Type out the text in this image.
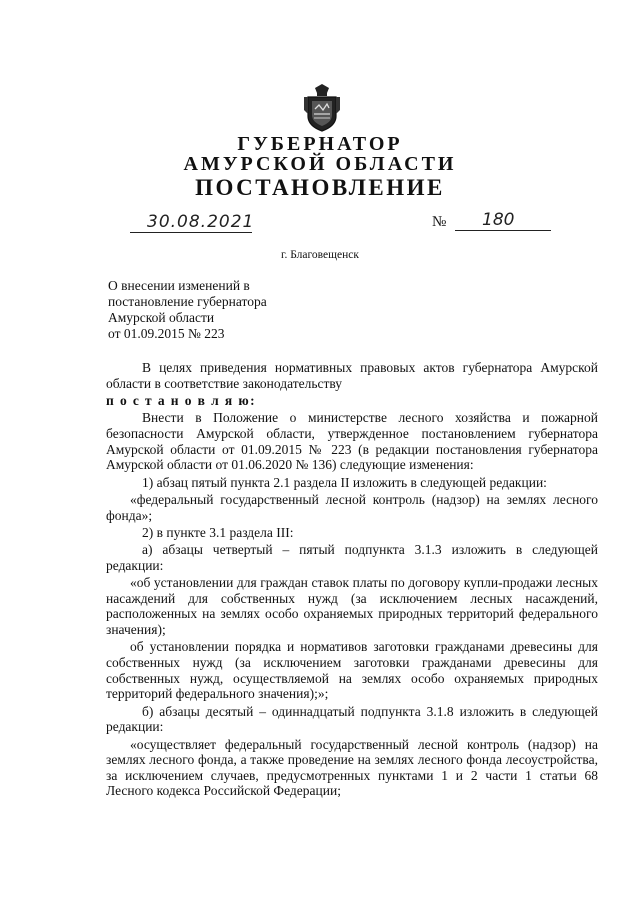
ГУБЕРНАТОР
АМУРСКОЙ ОБЛАСТИ
ПОСТАНОВЛЕНИЕ
30.08.2021	№ 180
г. Благовещенск
О внесении изменений в
постановление губернатора
Амурской области
от 01.09.2015 № 223

В целях приведения нормативных правовых актов губернатора Амурской области в соответствие законодательству

п о с т а н о в л я ю:

Внести в Положение о министерстве лесного хозяйства и пожарной безопасности Амурской области, утвержденное постановлением губернатора Амурской области от 01.09.2015 № 223 (в редакции постановления губернатора Амурской области от 01.06.2020 № 136) следующие изменения:

1) абзац пятый пункта 2.1 раздела II изложить в следующей редакции:

«федеральный государственный лесной контроль (надзор) на землях лесного фонда»;

2) в пункте 3.1 раздела III:

а) абзацы четвертый – пятый подпункта 3.1.3 изложить в следующей редакции:

«об установлении для граждан ставок платы по договору купли-продажи лесных насаждений для собственных нужд (за исключением лесных насаждений, расположенных на землях особо охраняемых природных территорий федерального значения);

об установлении порядка и нормативов заготовки гражданами древесины для собственных нужд (за исключением заготовки гражданами древесины для собственных нужд, осуществляемой на землях особо охраняемых природных территорий федерального значения);»;

б) абзацы десятый – одиннадцатый подпункта 3.1.8 изложить в следующей редакции:

«осуществляет федеральный государственный лесной контроль (надзор) на землях лесного фонда, а также проведение на землях лесного фонда лесоустройства, за исключением случаев, предусмотренных пунктами 1 и 2 части 1 статьи 68 Лесного кодекса Российской Федерации;
